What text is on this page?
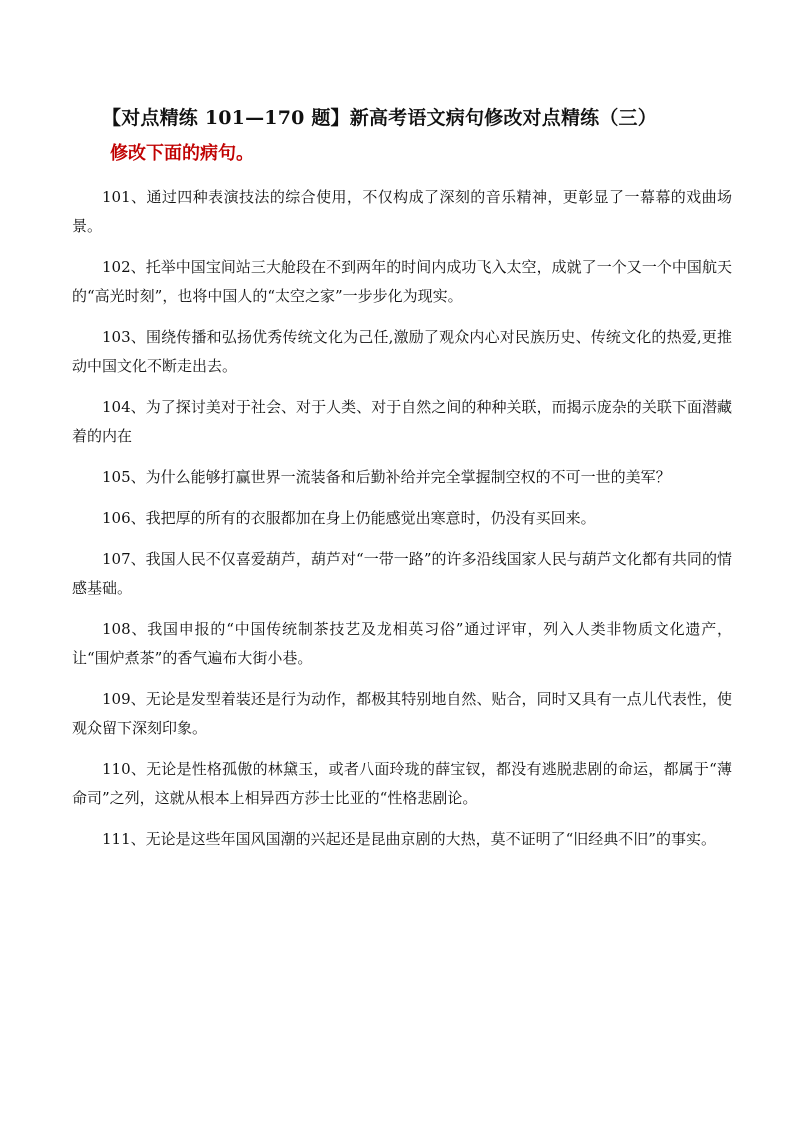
【对点精练 101—170 题】新高考语文病句修改对点精练（三）
修改下面的病句。
101、通过四种表演技法的综合使用，不仅构成了深刻的音乐精神，更彰显了一幕幕的戏曲场景。
102、托举中国宝间站三大舱段在不到两年的时间内成功飞入太空，成就了一个又一个中国航天的“高光时刻”，也将中国人的“太空之家”一步步化为现实。
103、围绕传播和弘扬优秀传统文化为己任,激励了观众内心对民族历史、传统文化的热爱,更推动中国文化不断走出去。
104、为了探讨美对于社会、对于人类、对于自然之间的种种关联，而揭示庞杂的关联下面潜藏着的内在
105、为什么能够打赢世界一流装备和后勤补给并完全掌握制空权的不可一世的美军？
106、我把厚的所有的衣服都加在身上仍能感觉出寒意时，仍没有买回来。
107、我国人民不仅喜爱葫芦，葫芦对“一带一路”的许多沿线国家人民与葫芦文化都有共同的情感基础。
108、我国申报的“中国传统制茶技艺及龙相英习俗”通过评审，列入人类非物质文化遗产，让“围炉煮茶”的香气遍布大街小巷。
109、无论是发型着装还是行为动作，都极其特别地自然、贴合，同时又具有一点儿代表性，使观众留下深刻印象。
110、无论是性格孤傲的林黛玉，或者八面玲珑的薛宝钗，都没有逃脱悲剧的命运，都属于“薄命司”之列，这就从根本上相异西方莎士比亚的“性格悲剧论。
111、无论是这些年国风国潮的兴起还是昆曲京剧的大热，莫不证明了“旧经典不旧”的事实。
